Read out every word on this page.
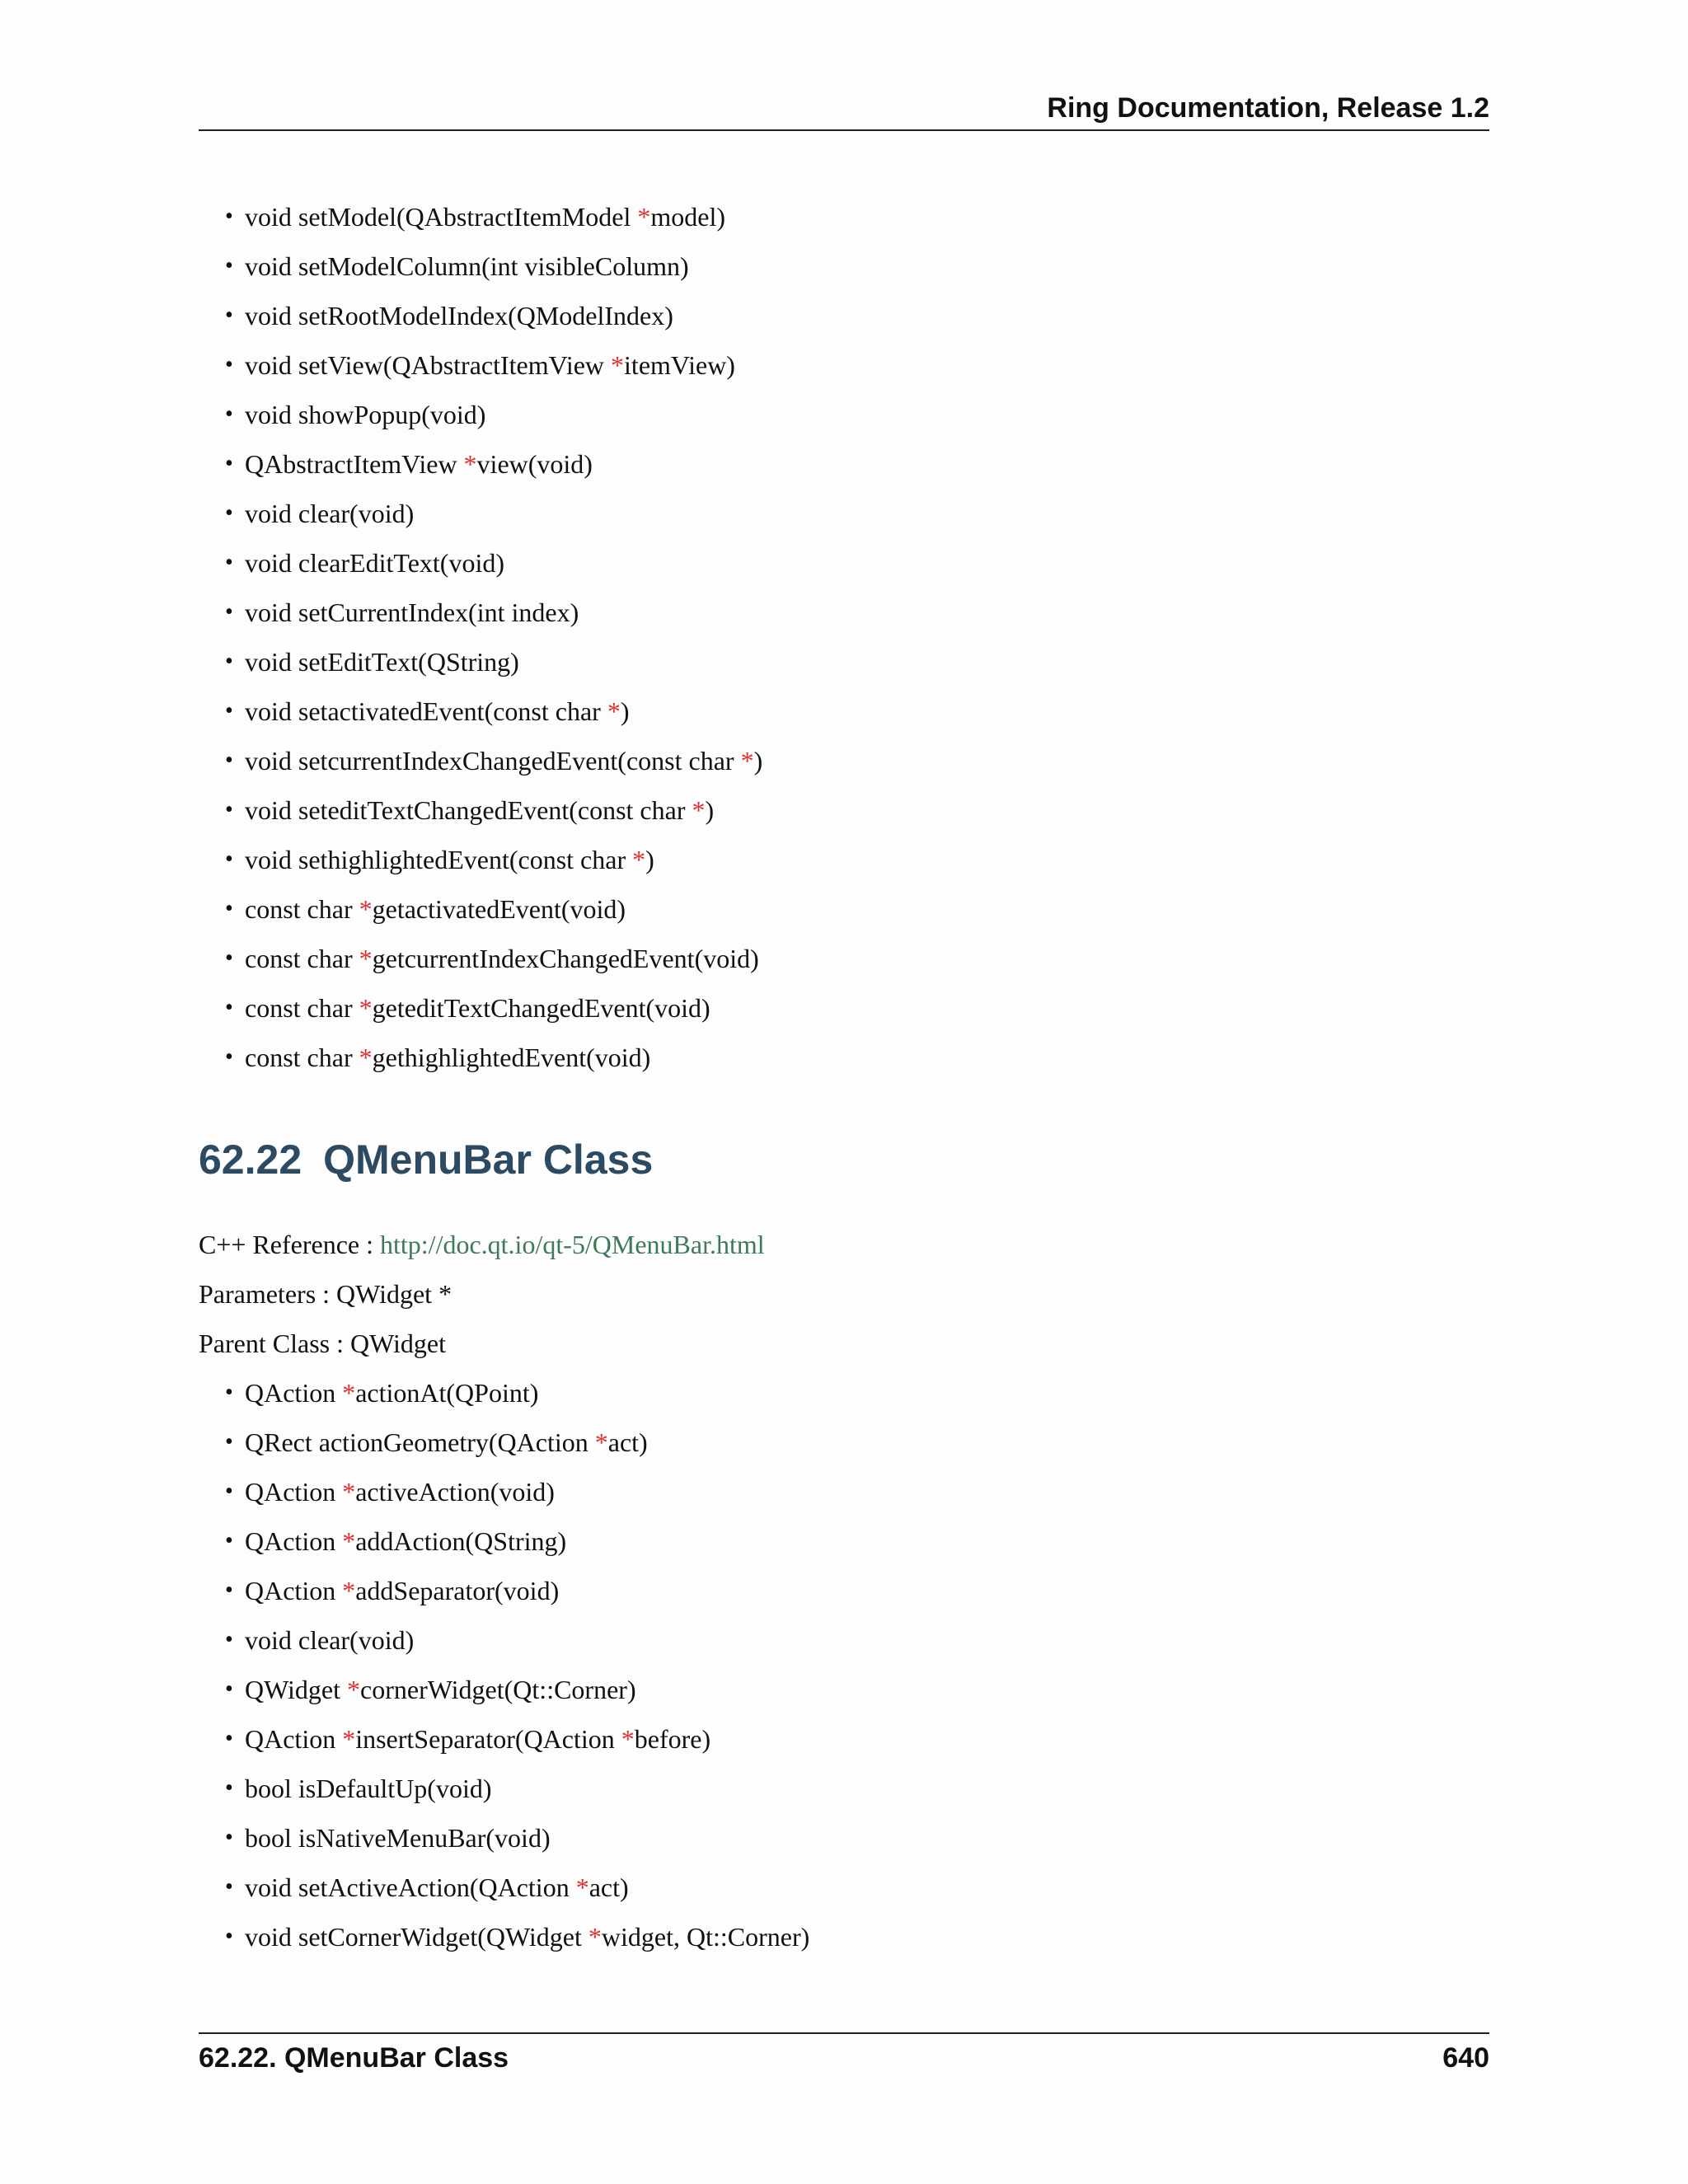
Ring Documentation, Release 1.2
• void setModel(QAbstractItemModel *model)
• void setModelColumn(int visibleColumn)
• void setRootModelIndex(QModelIndex)
• void setView(QAbstractItemView *itemView)
• void showPopup(void)
• QAbstractItemView *view(void)
• void clear(void)
• void clearEditText(void)
• void setCurrentIndex(int index)
• void setEditText(QString)
• void setactivatedEvent(const char *)
• void setcurrentIndexChangedEvent(const char *)
• void seteditTextChangedEvent(const char *)
• void sethighlightedEvent(const char *)
• const char *getactivatedEvent(void)
• const char *getcurrentIndexChangedEvent(void)
• const char *geteditTextChangedEvent(void)
• const char *gethighlightedEvent(void)
62.22 QMenuBar Class
C++ Reference : http://doc.qt.io/qt-5/QMenuBar.html
Parameters : QWidget *
Parent Class : QWidget
• QAction *actionAt(QPoint)
• QRect actionGeometry(QAction *act)
• QAction *activeAction(void)
• QAction *addAction(QString)
• QAction *addSeparator(void)
• void clear(void)
• QWidget *cornerWidget(Qt::Corner)
• QAction *insertSeparator(QAction *before)
• bool isDefaultUp(void)
• bool isNativeMenuBar(void)
• void setActiveAction(QAction *act)
• void setCornerWidget(QWidget *widget, Qt::Corner)
62.22. QMenuBar Class	640
